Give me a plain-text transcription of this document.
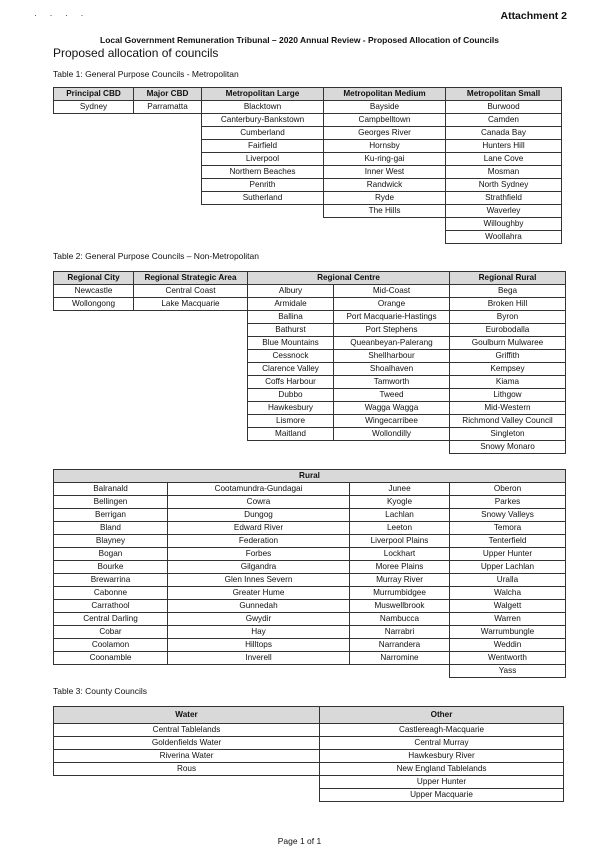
· · · ·	Attachment 2
Local Government Remuneration Tribunal – 2020 Annual Review - Proposed Allocation of Councils
Proposed allocation of councils
Table 1: General Purpose Councils - Metropolitan
Principal CBD	Major CBD	Metropolitan Large	Metropolitan Medium	Metropolitan Small
Sydney	Parramatta	Blacktown	Bayside	Burwood
		Canterbury-Bankstown	Campbelltown	Camden
		Cumberland	Georges River	Canada Bay
		Fairfield	Hornsby	Hunters Hill
		Liverpool	Ku-ring-gai	Lane Cove
		Northern Beaches	Inner West	Mosman
		Penrith	Randwick	North Sydney
		Sutherland	Ryde	Strathfield
			The Hills	Waverley
				Willoughby
				Woollahra
Table 2: General Purpose Councils – Non-Metropolitan
Regional City	Regional Strategic Area	Regional Centre		Regional Rural
Newcastle	Central Coast	Albury	Mid-Coast	Bega
Wollongong	Lake Macquarie	Armidale	Orange	Broken Hill
		Ballina	Port Macquarie-Hastings	Byron
		Bathurst	Port Stephens	Eurobodalla
		Blue Mountains	Queanbeyan-Palerang	Goulburn Mulwaree
		Cessnock	Shellharbour	Griffith
		Clarence Valley	Shoalhaven	Kempsey
		Coffs Harbour	Tamworth	Kiama
		Dubbo	Tweed	Lithgow
		Hawkesbury	Wagga Wagga	Mid-Western
		Lismore	Wingecarribee	Richmond Valley Council
		Maitland	Wollondilly	Singleton
				Snowy Monaro
Rural			
Balranald	Cootamundra-Gundagai	Junee	Oberon
Bellingen	Cowra	Kyogle	Parkes
Berrigan	Dungog	Lachlan	Snowy Valleys
Bland	Edward River	Leeton	Temora
Blayney	Federation	Liverpool Plains	Tenterfield
Bogan	Forbes	Lockhart	Upper Hunter
Bourke	Gilgandra	Moree Plains	Upper Lachlan
Brewarrina	Glen Innes Severn	Murray River	Uralla
Cabonne	Greater Hume	Murrumbidgee	Walcha
Carrathool	Gunnedah	Muswellbrook	Walgett
Central Darling	Gwydir	Nambucca	Warren
Cobar	Hay	Narrabri	Warrumbungle
Coolamon	Hilltops	Narrandera	Weddin
Coonamble	Inverell	Narromine	Wentworth
			Yass
Table 3: County Councils
Water	Other
Central Tablelands	Castlereagh-Macquarie
Goldenfields Water	Central Murray
Riverina Water	Hawkesbury River
Rous	New England Tablelands
	Upper Hunter
	Upper Macquarie
Page 1 of 1
